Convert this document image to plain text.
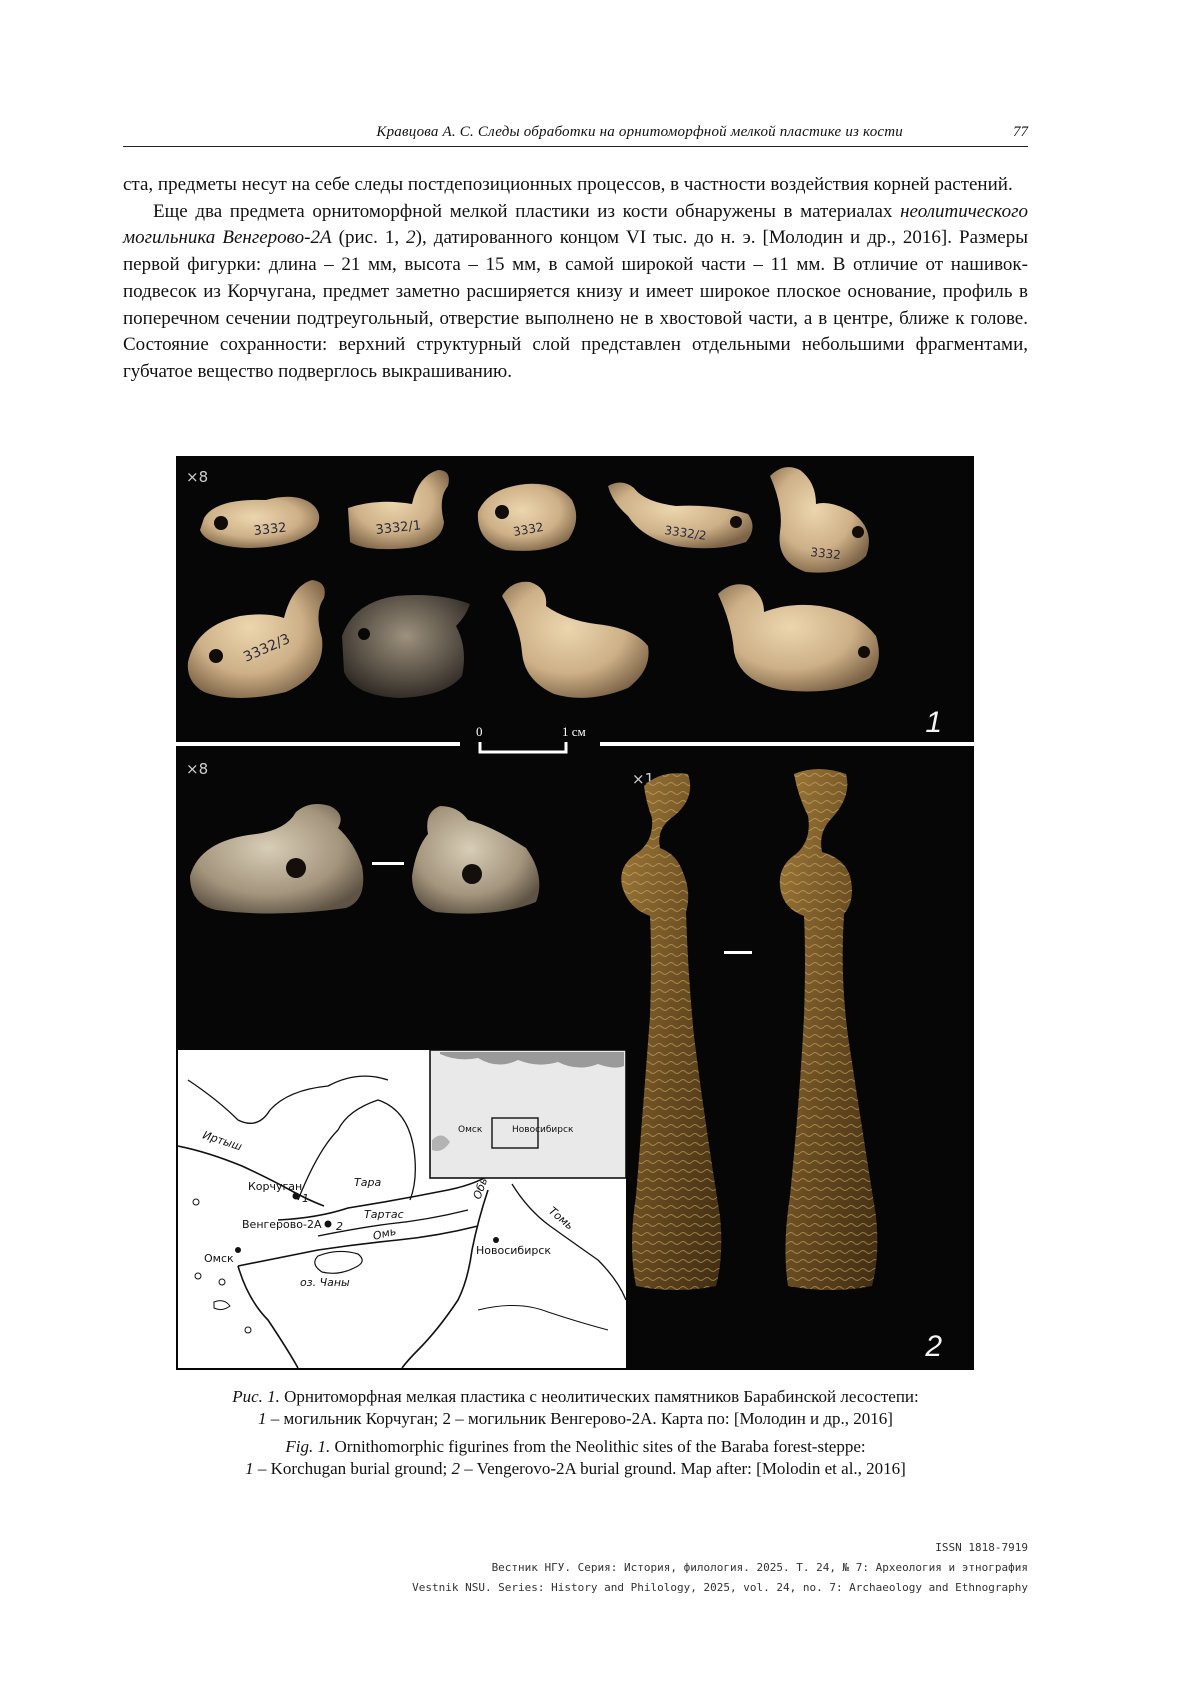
Кравцова А. С. Следы обработки на орнитоморфной мелкой пластике из кости	77

ста, предметы несут на себе следы постдепозиционных процессов, в частности воздействия корней растений.

Еще два предмета орнитоморфной мелкой пластики из кости обнаружены в материалах неолитического могильника Венгерово-2А (рис. 1, 2), датированного концом VI тыс. до н. э. [Молодин и др., 2016]. Размеры первой фигурки: длина – 21 мм, высота – 15 мм, в самой широкой части – 11 мм. В отличие от нашивок-подвесок из Корчугана, предмет заметно расширяется книзу и имеет широкое плоское основание, профиль в поперечном сечении подтреугольный, отверстие выполнено не в хвостовой части, а в центре, ближе к голове. Состояние сохранности: верхний структурный слой представлен отдельными небольшими фрагментами, губчатое вещество подверглось выкрашиванию.

3332	3332/1	3332	3332/2
3332
3332/3
×8
1
0	1 см
×8
×1
2
Иртыш
Тара
Тартас
Омь
Обь
Томь
Корчуган
1
Венгерово-2А 2
Омск
Новосибирск
оз. Чаны
Омск	Новосибирск
Рис. 1. Орнитоморфная мелкая пластика с неолитических памятников Барабинской лесостепи:
1 – могильник Корчуган; 2 – могильник Венгерово-2А. Карта по: [Молодин и др., 2016]
Fig. 1. Ornithomorphic figurines from the Neolithic sites of the Baraba forest-steppe:
1 – Korchugan burial ground; 2 – Vengerovo-2A burial ground. Map after: [Molodin et al., 2016]
ISSN 1818-7919
Вестник НГУ. Серия: История, филология. 2025. Т. 24, № 7: Археология и этнография
Vestnik NSU. Series: History and Philology, 2025, vol. 24, no. 7: Archaeology and Ethnography
